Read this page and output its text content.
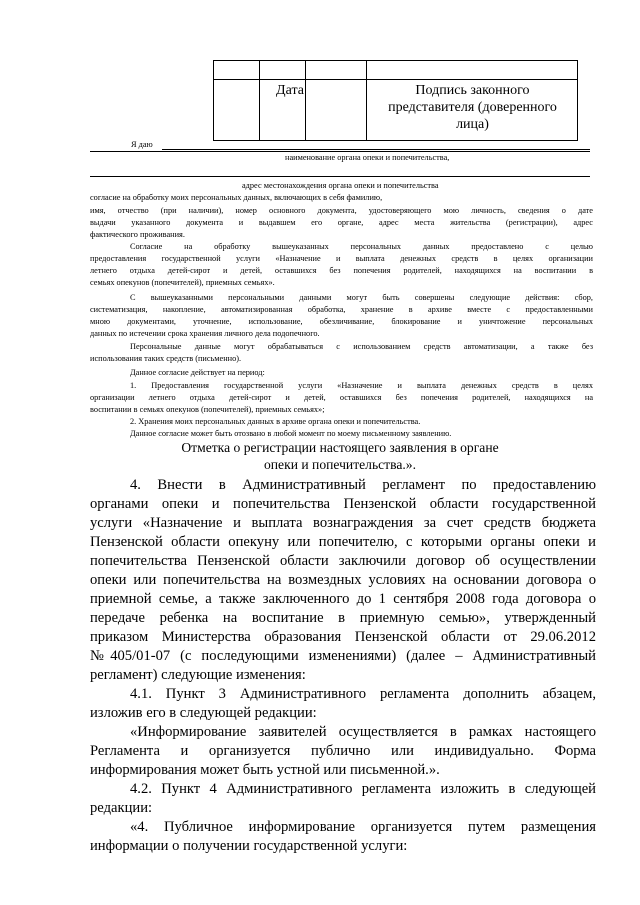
Дата	Подпись законного
представителя (доверенного
лица)
Я даю
наименование органа опеки и попечительства,
адрес местонахождения органа опеки и попечительства
согласие на обработку моих персональных данных, включающих в себя фамилию,
имя, отчество (при наличии), номер основного документа, удостоверяющего мою личность, сведения о дате
выдачи указанного документа и выдавшем его органе, адрес места жительства (регистрации), адрес
фактического проживания.
Согласие на обработку вышеуказанных персональных данных предоставлено с целью
предоставления государственной услуги «Назначение и выплата денежных средств в целях организации
летнего отдыха детей-сирот и детей, оставшихся без попечения родителей, находящихся на воспитании в
семьях опекунов (попечителей), приемных семьях».
С вышеуказанными персональными данными могут быть совершены следующие действия: сбор,
систематизация, накопление, автоматизированная обработка, хранение в архиве вместе с предоставленными
мною документами, уточнение, использование, обезличивание, блокирование и уничтожение персональных
данных по истечении срока хранения личного дела подопечного.
Персональные данные могут обрабатываться с использованием средств автоматизации, а также без
использования таких средств (письменно).
Данное согласие действует на период:
1. Предоставления государственной услуги «Назначение и выплата денежных средств в целях
организации летнего отдыха детей-сирот и детей, оставшихся без попечения родителей, находящихся на
воспитании в семьях опекунов (попечителей), приемных семьях»;
2. Хранения моих персональных данных в архиве органа опеки и попечительства.
Данное согласие может быть отозвано в любой момент по моему письменному заявлению.
Отметка о регистрации настоящего заявления в органе
опеки и попечительства.».
4. Внести в Административный регламент по предоставлению
органами опеки и попечительства Пензенской области государственной
услуги «Назначение и выплата вознаграждения за счет средств бюджета
Пензенской области опекуну или попечителю, с которыми органы опеки и
попечительства Пензенской области заключили договор об осуществлении
опеки или попечительства на возмездных условиях на основании договора о
приемной семье, а также заключенного до 1 сентября 2008 года договора о
передаче ребенка на воспитание в приемную семью», утвержденный
приказом Министерства образования Пензенской области от 29.06.2012
№405/01-07 (с последующими изменениями) (далее – Административный
регламент) следующие изменения:
4.1. Пункт 3 Административного регламента дополнить абзацем,
изложив его в следующей редакции:
«Информирование заявителей осуществляется в рамках настоящего
Регламента и организуется публично или индивидуально. Форма
информирования может быть устной или письменной.».
4.2. Пункт 4 Административного регламента изложить в следующей
редакции:
«4. Публичное информирование организуется путем размещения
информации о получении государственной услуги:
